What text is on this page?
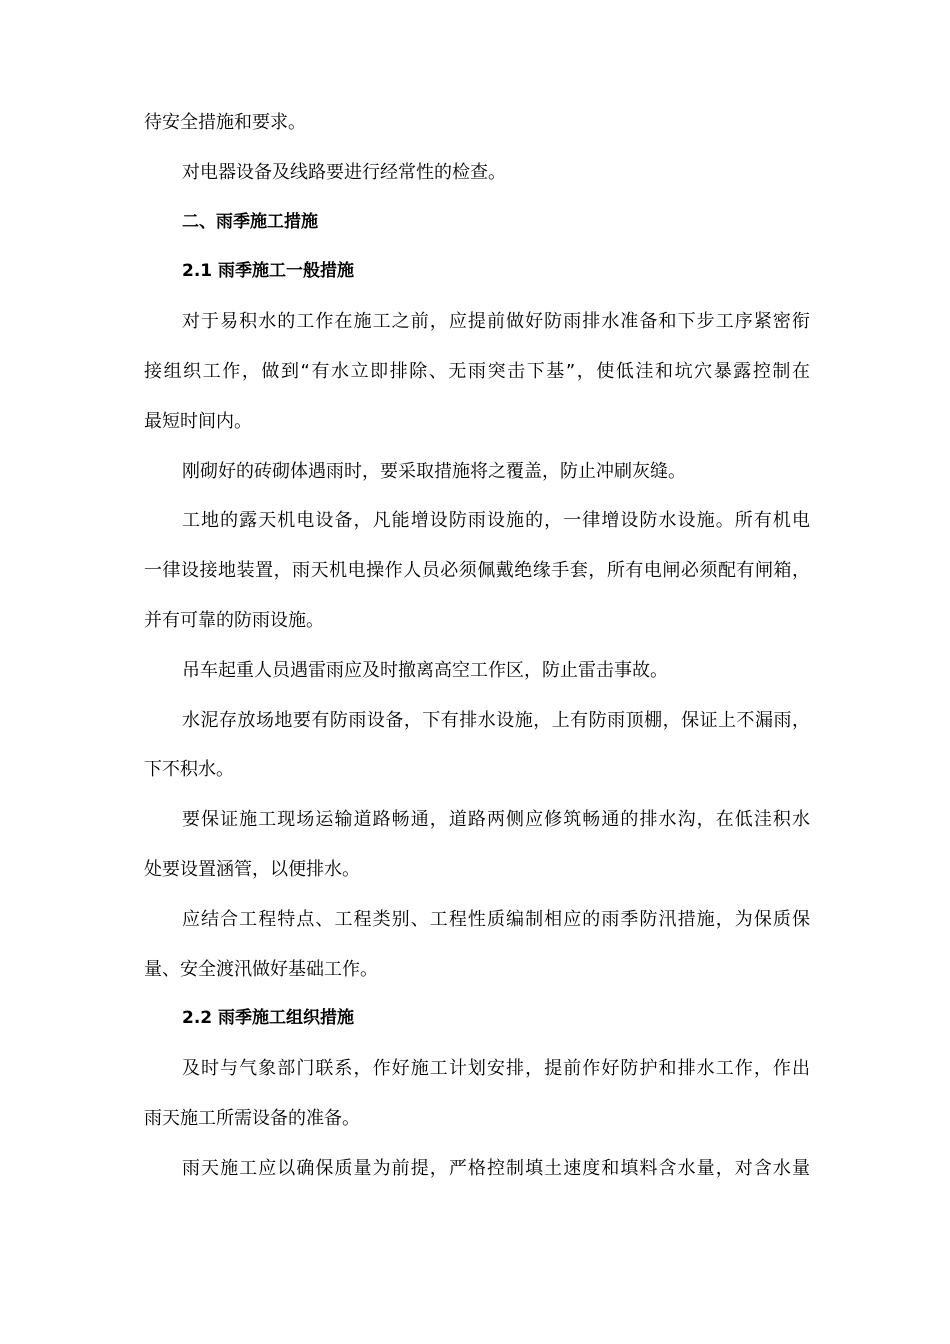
待安全措施和要求。
对电器设备及线路要进行经常性的检查。
二、雨季施工措施
2.1 雨季施工一般措施
对于易积水的工作在施工之前，应提前做好防雨排水准备和下步工序紧密衔
接组织工作，做到“有水立即排除、无雨突击下基”，使低洼和坑穴暴露控制在
最短时间内。
刚砌好的砖砌体遇雨时，要采取措施将之覆盖，防止冲刷灰缝。
工地的露天机电设备，凡能增设防雨设施的，一律增设防水设施。所有机电
一律设接地装置，雨天机电操作人员必须佩戴绝缘手套，所有电闸必须配有闸箱，
并有可靠的防雨设施。
吊车起重人员遇雷雨应及时撤离高空工作区，防止雷击事故。
水泥存放场地要有防雨设备，下有排水设施，上有防雨顶棚，保证上不漏雨，
下不积水。
要保证施工现场运输道路畅通，道路两侧应修筑畅通的排水沟，在低洼积水
处要设置涵管，以便排水。
应结合工程特点、工程类别、工程性质编制相应的雨季防汛措施，为保质保
量、安全渡汛做好基础工作。
2.2 雨季施工组织措施
及时与气象部门联系，作好施工计划安排，提前作好防护和排水工作，作出
雨天施工所需设备的准备。
雨天施工应以确保质量为前提，严格控制填土速度和填料含水量，对含水量
